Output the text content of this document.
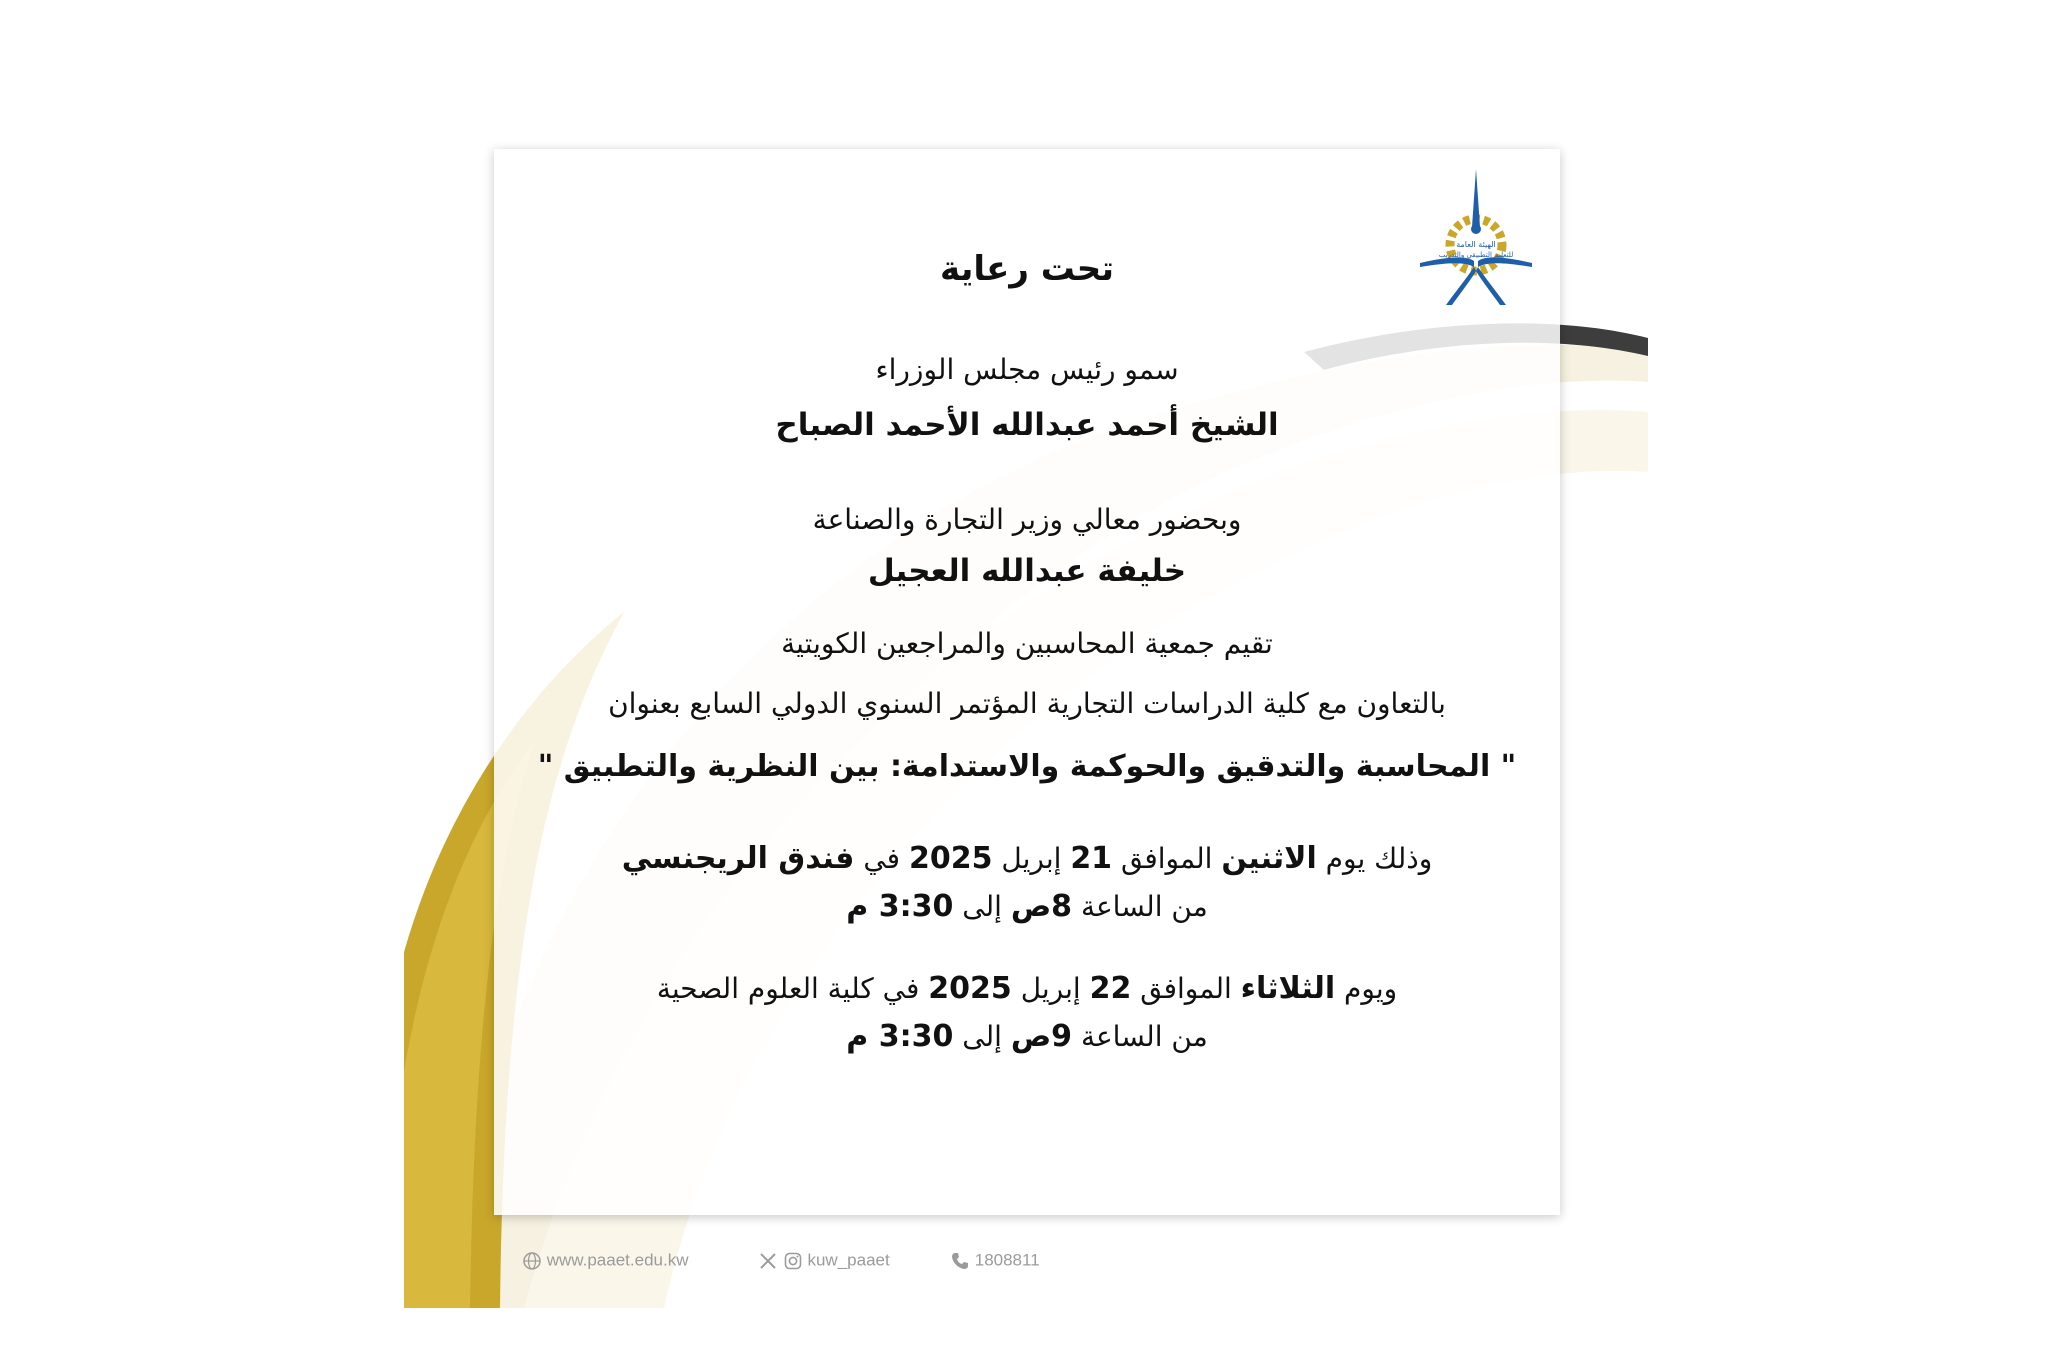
الهيئة العامة
للتعليم التطبيقي والتدريب
تحت رعاية
سمو رئيس مجلس الوزراء
الشيخ أحمد عبدالله الأحمد الصباح
وبحضور معالي وزير التجارة والصناعة
خليفة عبدالله العجيل
تقيم جمعية المحاسبين والمراجعين الكويتية
بالتعاون مع كلية الدراسات التجارية المؤتمر السنوي الدولي السابع بعنوان
" المحاسبة والتدقيق والحوكمة والاستدامة: بين النظرية والتطبيق "
وذلك يوم الاثنين الموافق 21 إبريل 2025 في فندق الريجنسي
من الساعة 8ص إلى 3:30 م
ويوم الثلاثاء الموافق 22 إبريل 2025 في كلية العلوم الصحية
من الساعة 9ص إلى 3:30 م
www.paaet.edu.kw	kuw_paaet	1808811
